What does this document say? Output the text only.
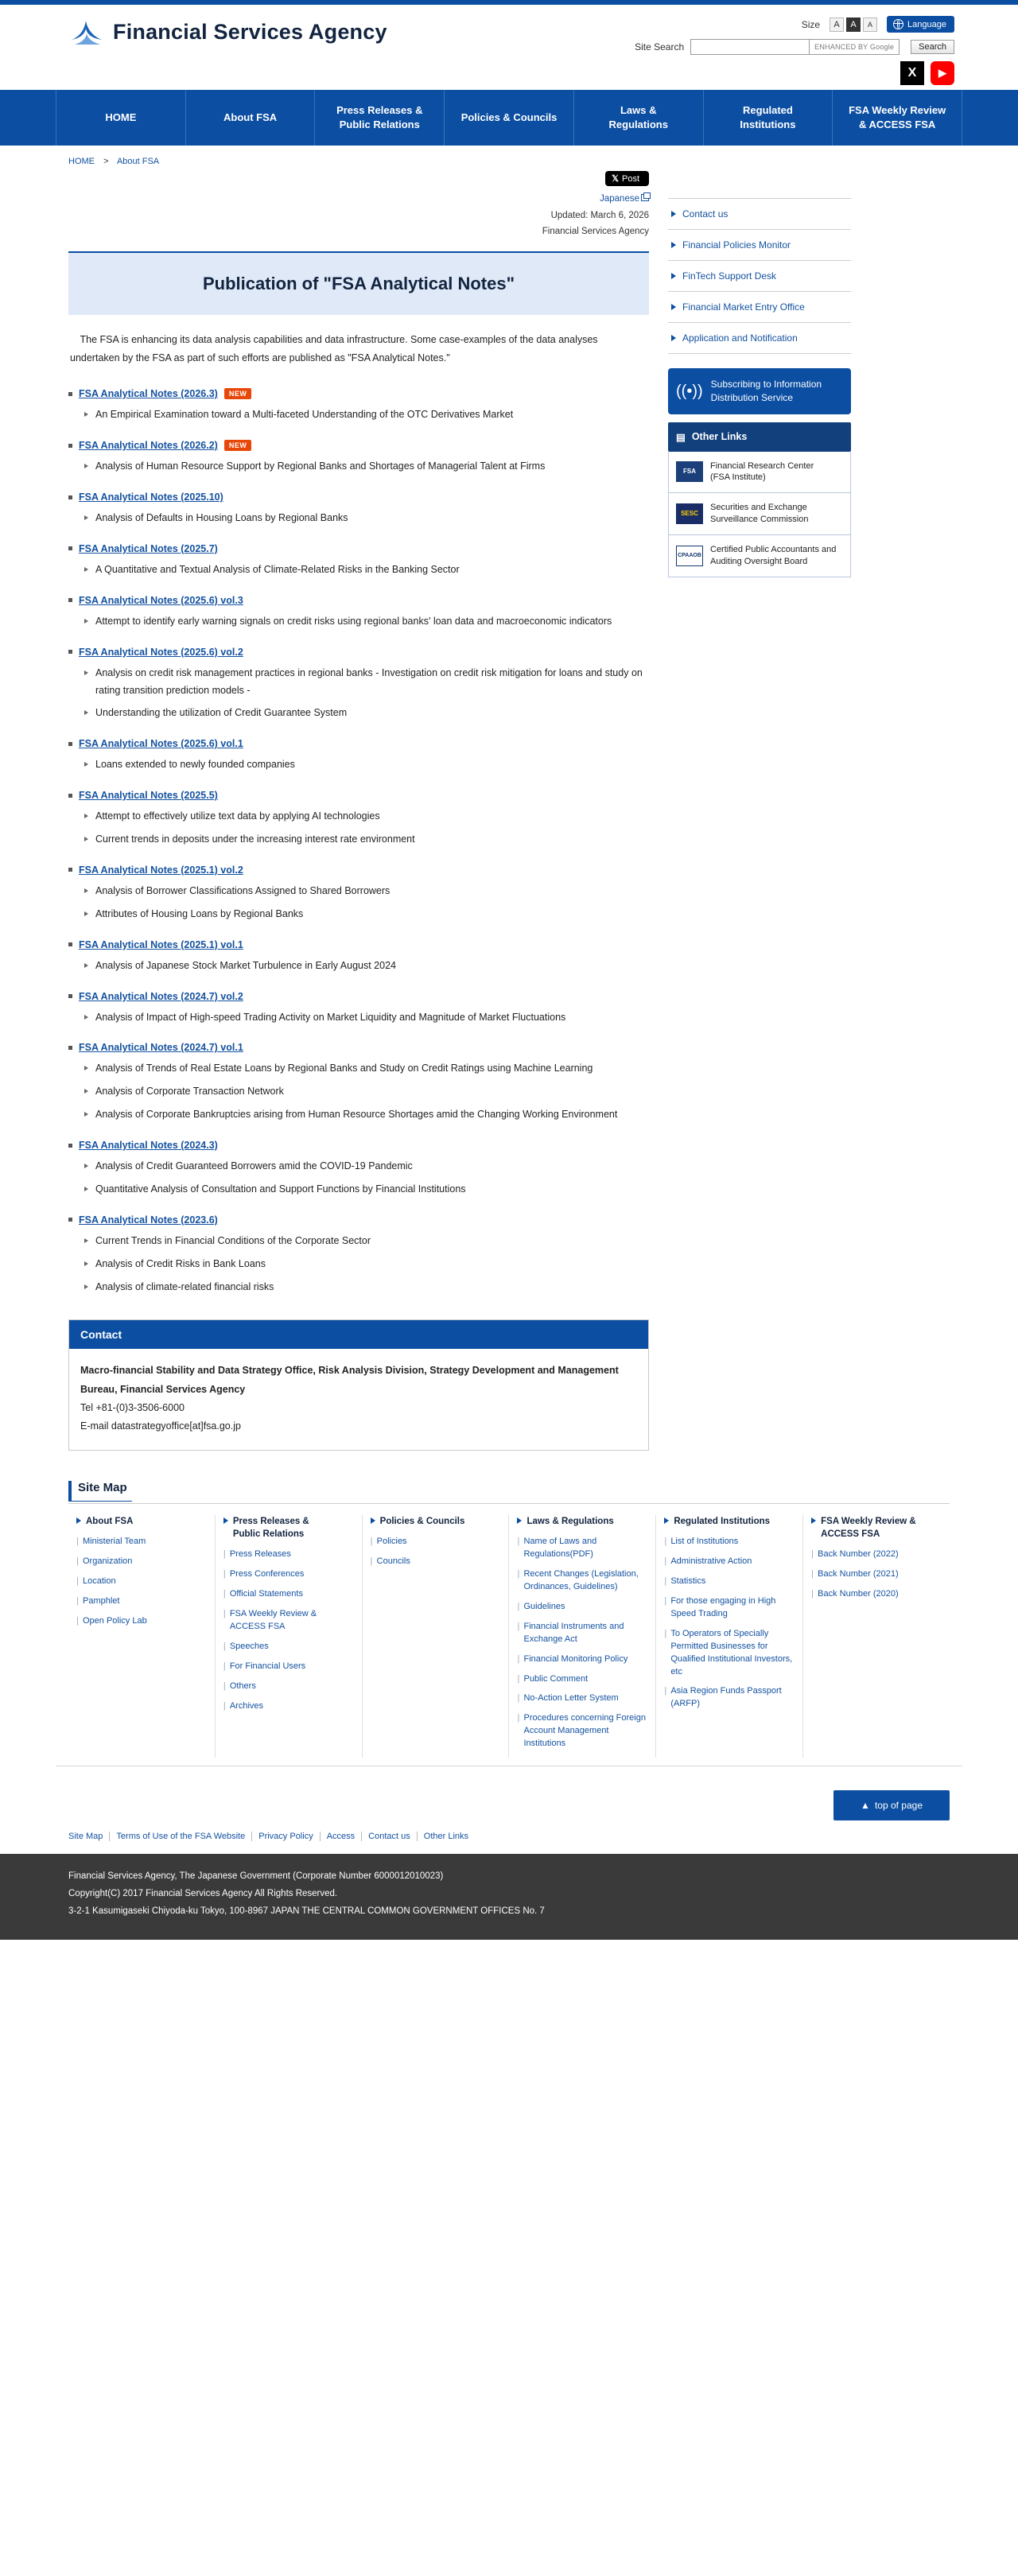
Financial Services Agency	Size	A	A	A	Language
Site Search	ENHANCED BY Google	Search
X	▶
HOME	About FSA
Press Releases &
Public Relations
Policies & Councils
Laws &
Regulations
Regulated
Institutions
FSA Weekly Review
& ACCESS FSA
HOME > About FSA
𝕏 Post
Japanese
Updated: March 6, 2026
Financial Services Agency
Publication of "FSA Analytical Notes"

The FSA is enhancing its data analysis capabilities and data infrastructure. Some case-examples of the data analyses undertaken by the FSA as part of such efforts are published as "FSA Analytical Notes."

FSA Analytical Notes (2026.3)	NEW
An Empirical Examination toward a Multi-faceted Understanding of the OTC Derivatives Market
FSA Analytical Notes (2026.2)	NEW
Analysis of Human Resource Support by Regional Banks and Shortages of Managerial Talent at Firms
FSA Analytical Notes (2025.10)
Analysis of Defaults in Housing Loans by Regional Banks
FSA Analytical Notes (2025.7)
A Quantitative and Textual Analysis of Climate-Related Risks in the Banking Sector
FSA Analytical Notes (2025.6) vol.3
Attempt to identify early warning signals on credit risks using regional banks' loan data and macroeconomic indicators
FSA Analytical Notes (2025.6) vol.2
Analysis on credit risk management practices in regional banks - Investigation on credit risk mitigation for loans and study on rating transition prediction models -
Understanding the utilization of Credit Guarantee System
FSA Analytical Notes (2025.6) vol.1
Loans extended to newly founded companies
FSA Analytical Notes (2025.5)
Attempt to effectively utilize text data by applying AI technologies
Current trends in deposits under the increasing interest rate environment
FSA Analytical Notes (2025.1) vol.2
Analysis of Borrower Classifications Assigned to Shared Borrowers
Attributes of Housing Loans by Regional Banks
FSA Analytical Notes (2025.1) vol.1
Analysis of Japanese Stock Market Turbulence in Early August 2024
FSA Analytical Notes (2024.7) vol.2
Analysis of Impact of High-speed Trading Activity on Market Liquidity and Magnitude of Market Fluctuations
FSA Analytical Notes (2024.7) vol.1
Analysis of Trends of Real Estate Loans by Regional Banks and Study on Credit Ratings using Machine Learning
Analysis of Corporate Transaction Network
Analysis of Corporate Bankruptcies arising from Human Resource Shortages amid the Changing Working Environment
FSA Analytical Notes (2024.3)
Analysis of Credit Guaranteed Borrowers amid the COVID-19 Pandemic
Quantitative Analysis of Consultation and Support Functions by Financial Institutions
FSA Analytical Notes (2023.6)
Current Trends in Financial Conditions of the Corporate Sector
Analysis of Credit Risks in Bank Loans
Analysis of climate-related financial risks
Contact
Macro-financial Stability and Data Strategy Office, Risk Analysis Division, Strategy Development and Management Bureau, Financial Services Agency
Tel +81-(0)3-3506-6000
E-mail datastrategyoffice[at]fsa.go.jp
Contact us
Financial Policies Monitor
FinTech Support Desk
Financial Market Entry Office
Application and Notification
((•)) Subscribing to Information Distribution Service
▤ Other Links
FSA
Financial Research Center
(FSA Institute)
SESC
Securities and Exchange Surveillance Commission
CPAAOB
Certified Public Accountants and Auditing Oversight Board
Site Map
About FSA
| Ministerial Team
| Organization
| Location
| Pamphlet
| Open Policy Lab
Press Releases &
Public Relations
| Press Releases
| Press Conferences
| Official Statements
| FSA Weekly Review & ACCESS FSA
| Speeches
| For Financial Users
| Others
| Archives
Policies & Councils
| Policies
| Councils
Laws & Regulations
| Name of Laws and Regulations(PDF)
| Recent Changes (Legislation, Ordinances, Guidelines)
| Guidelines
| Financial Instruments and Exchange Act
| Financial Monitoring Policy
| Public Comment
| No-Action Letter System
| Procedures concerning Foreign Account Management Institutions
Regulated Institutions
| List of Institutions
| Administrative Action
| Statistics
| For those engaging in High Speed Trading
| To Operators of Specially Permitted Businesses for Qualified Institutional Investors, etc
| Asia Region Funds Passport (ARFP)
FSA Weekly Review & ACCESS FSA
| Back Number (2022)
| Back Number (2021)
| Back Number (2020)
▲ top of page
Site Map	Terms of Use of the FSA Website	Privacy Policy	Access	Contact us	Other Links
Financial Services Agency, The Japanese Government (Corporate Number 6000012010023)
Copyright(C) 2017 Financial Services Agency All Rights Reserved.
3-2-1 Kasumigaseki Chiyoda-ku Tokyo, 100-8967 JAPAN THE CENTRAL COMMON GOVERNMENT OFFICES No. 7
